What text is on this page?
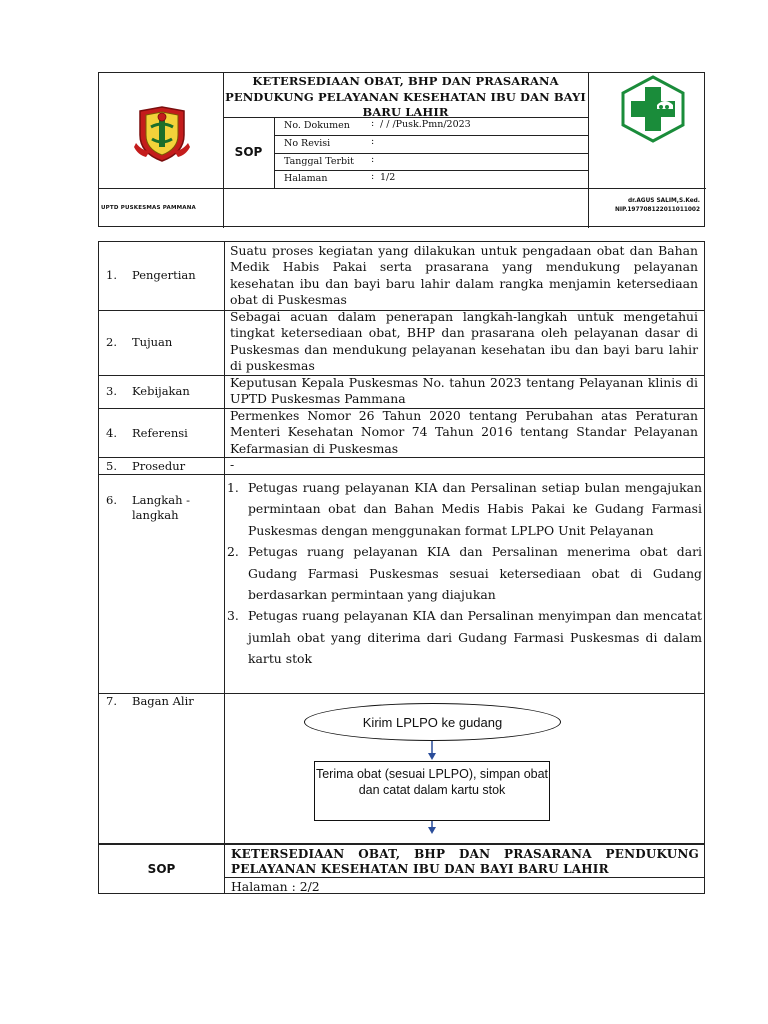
KETERSEDIAAN OBAT, BHP DAN PRASARANA PENDUKUNG PELAYANAN KESEHATAN IBU DAN BAYI BARU LAHIR
SOP
No. Dokumen : / / /Pusk.Pmn/2023
No Revisi	:
Tanggal Terbit :
Halaman	: 1/2
UPTD PUSKESMAS PAMMANA
dr.AGUS SALIM,S.Ked.
NIP.197708122011011002
1. Pengertian
Suatu proses kegiatan yang dilakukan untuk pengadaan obat dan Bahan Medik Habis Pakai serta prasarana yang mendukung pelayanan kesehatan ibu dan bayi baru lahir dalam rangka menjamin ketersediaan obat di Puskesmas
2. Tujuan
Sebagai acuan dalam penerapan langkah-langkah untuk mengetahui tingkat ketersediaan obat, BHP dan prasarana oleh pelayanan dasar di Puskesmas dan mendukung pelayanan kesehatan ibu dan bayi baru lahir di puskesmas
3. Kebijakan
Keputusan Kepala Puskesmas No. tahun 2023 tentang Pelayanan klinis di UPTD Puskesmas Pammana
4. Referensi
Permenkes Nomor 26 Tahun 2020 tentang Perubahan atas Peraturan Menteri Kesehatan Nomor 74 Tahun 2016 tentang Standar Pelayanan Kefarmasian di Puskesmas
5. Prosedur	-

6.	Langkah -
langkah

1. Petugas ruang pelayanan KIA dan Persalinan setiap bulan mengajukan permintaan obat dan Bahan Medis Habis Pakai ke Gudang Farmasi Puskesmas dengan menggunakan format LPLPO Unit Pelayanan
2. Petugas ruang pelayanan KIA dan Persalinan menerima obat dari Gudang Farmasi Puskesmas sesuai ketersediaan obat di Gudang berdasarkan permintaan yang diajukan
3. Petugas ruang pelayanan KIA dan Persalinan menyimpan dan mencatat jumlah obat yang diterima dari Gudang Farmasi Puskesmas di dalam kartu stok
7. Bagan Alir
Kirim LPLPO ke gudang
Terima obat (sesuai LPLPO), simpan obat dan catat dalam kartu stok
SOP
KETERSEDIAAN OBAT, BHP DAN PRASARANA PENDUKUNG PELAYANAN KESEHATAN IBU DAN BAYI BARU LAHIR
Halaman : 2/2
